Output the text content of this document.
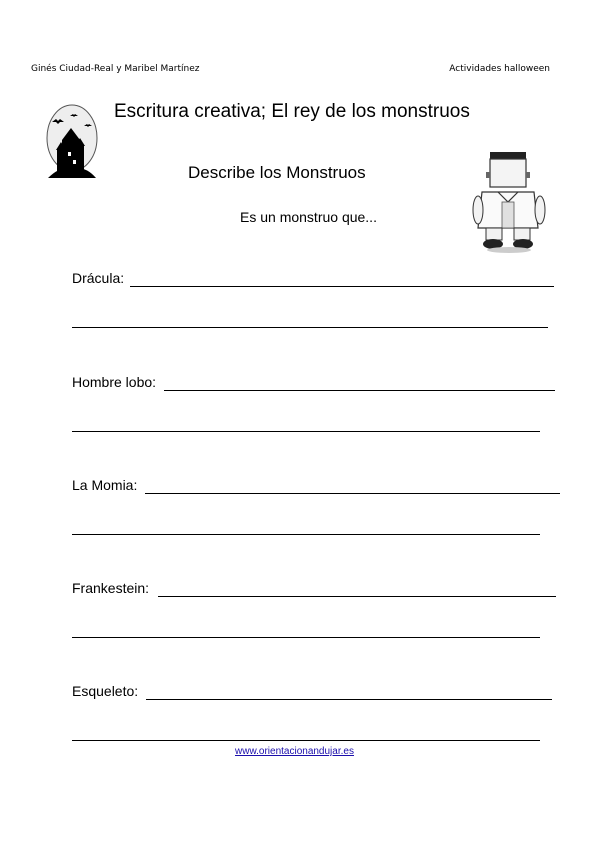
Ginés Ciudad-Real y Maribel Martínez	Actividades halloween
Escritura creativa; El rey de los monstruos
Describe los Monstruos
Es un monstruo que...
Drácula:
Hombre lobo:
La Momia:
Frankestein:
Esqueleto:
www.orientacionandujar.es
